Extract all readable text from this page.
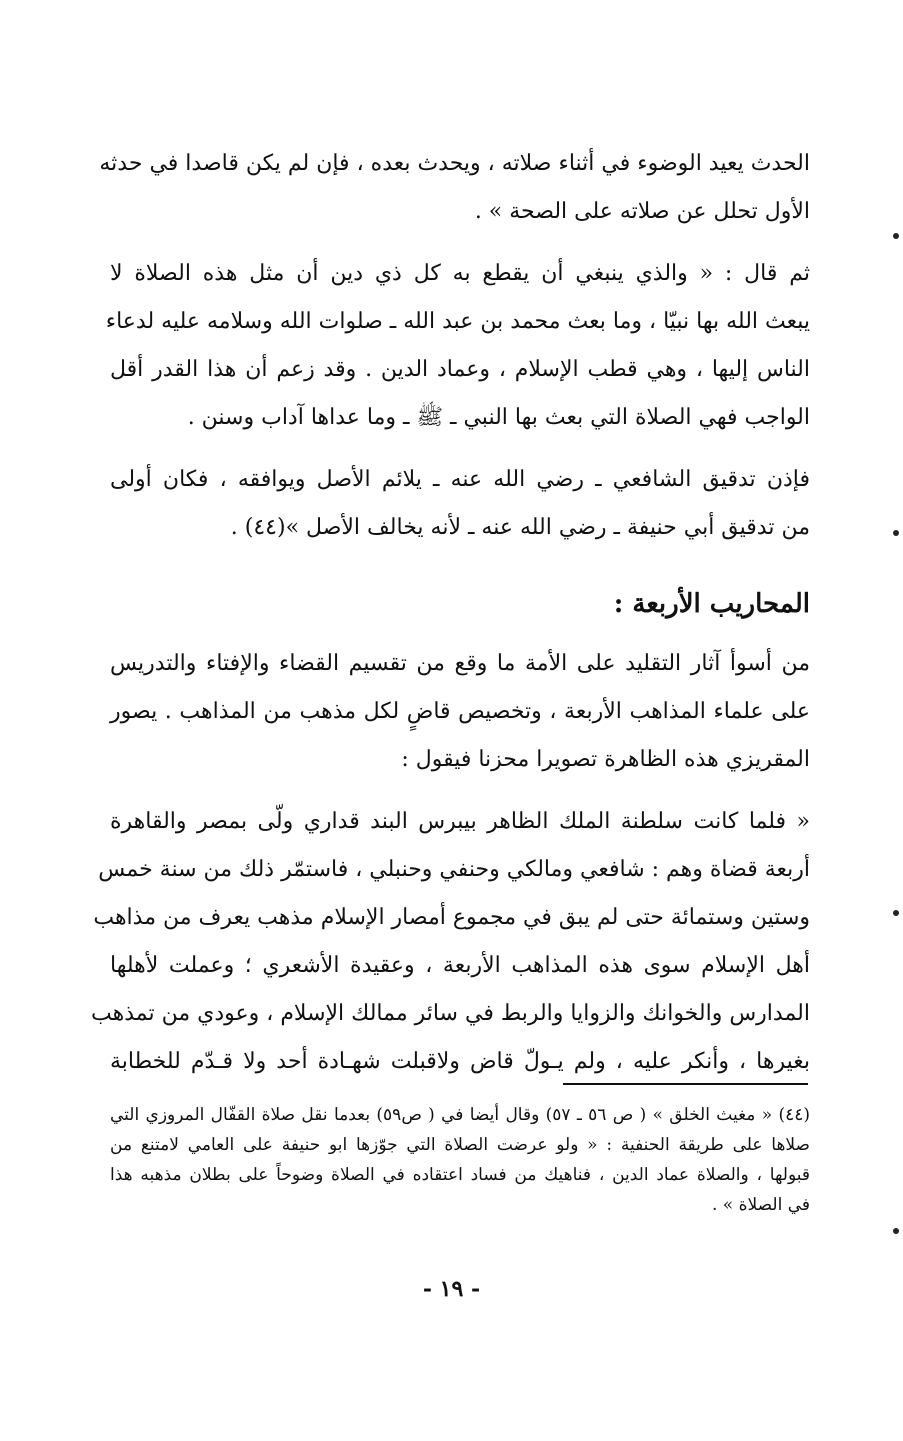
الحدث يعيد الوضوء في أثناء صلاته ، ويحدث بعده ، فإن لم يكن قاصدا في حدثه
الأول تحلل عن صلاته على الصحة » .
ثم قال : « والذي ينبغي أن يقطع به كل ذي دين أن مثل هذه الصلاة لا
يبعث الله بها نبيّا ، وما بعث محمد بن عبد الله ـ صلوات الله وسلامه عليه لدعاء
الناس إليها ، وهي قطب الإسلام ، وعماد الدين . وقد زعم أن هذا القدر أقل
الواجب فهي الصلاة التي بعث بها النبي ـ ﷺ ـ وما عداها آداب وسنن .
فإذن تدقيق الشافعي ـ رضي الله عنه ـ يلائم الأصل ويوافقه ، فكان أولى
من تدقيق أبي حنيفة ـ رضي الله عنه ـ لأنه يخالف الأصل »(٤٤) .
المحاريب الأربعة :
من أسوأ آثار التقليد على الأمة ما وقع من تقسيم القضاء والإفتاء والتدريس
على علماء المذاهب الأربعة ، وتخصيص قاضٍ لكل مذهب من المذاهب . يصور
المقريزي هذه الظاهرة تصويرا محزنا فيقول :
« فلما كانت سلطنة الملك الظاهر بيبرس البند قداري ولّى بمصر والقاهرة
أربعة قضاة وهم : شافعي ومالكي وحنفي وحنبلي ، فاستمّر ذلك من سنة خمس
وستين وستمائة حتى لم يبق في مجموع أمصار الإسلام مذهب يعرف من مذاهب
أهل الإسلام سوى هذه المذاهب الأربعة ، وعقيدة الأشعري ؛ وعملت لأهلها
المدارس والخوانك والزوايا والربط في سائر ممالك الإسلام ، وعودي من تمذهب
بغيرها ، وأنكر عليه ، ولم يـولّ قاض ولاقبلت شهـادة أحد ولا قـدّم للخطابة
(٤٤) « مغيث الخلق » ( ص ٥٦ ـ ٥٧) وقال أيضا في ( ص٥٩) بعدما نقل صلاة القفّال المروزي التي
صلاها على طريقة الحنفية : « ولو عرضت الصلاة التي جوّزها ابو حنيفة على العامي لامتنع من
قبولها ، والصلاة عماد الدين ، فناهيك من فساد اعتقاده في الصلاة وضوحاً على بطلان مذهبه هذا
في الصلاة » .
- ١٩ -
